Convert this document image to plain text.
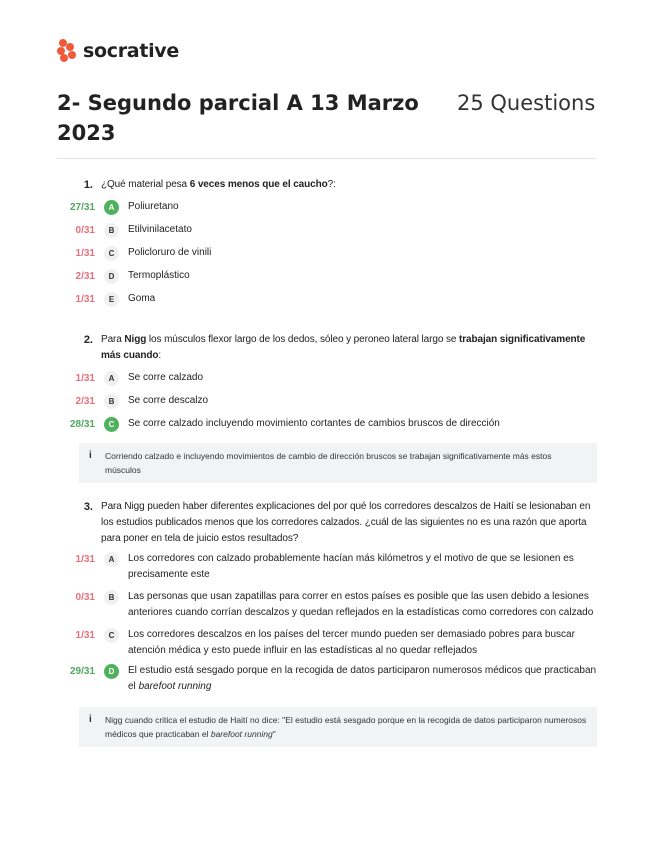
socrative
2- Segundo parcial A 13 Marzo 2023
25 Questions
1. ¿Qué material pesa 6 veces menos que el caucho?:
27/31	A	Poliuretano
0/31	B	Etilvinilacetato
1/31	C	Policloruro de vinili
2/31	D	Termoplástico
1/31	E	Goma
2. Para Nigg los músculos flexor largo de los dedos, sóleo y peroneo lateral largo se trabajan significativamente más cuando:
1/31	A	Se corre calzado
2/31	B	Se corre descalzo
28/31	C	Se corre calzado incluyendo movimiento cortantes de cambios bruscos de dirección
i	Corriendo calzado e incluyendo movimientos de cambio de dirección bruscos se trabajan significativamente más estos músculos
3. Para Nigg pueden haber diferentes explicaciones del por qué los corredores descalzos de Haití se lesionaban en los estudios publicados menos que los corredores calzados. ¿cuál de las siguientes no es una razón que aporta para poner en tela de juicio estos resultados?
1/31	A	Los corredores con calzado probablemente hacían más kilómetros y el motivo de que se lesionen es precisamente este
0/31	B	Las personas que usan zapatillas para correr en estos países es posible que las usen debido a lesiones anteriores cuando corrían descalzos y quedan reflejados en la estadísticas como corredores con calzado
1/31	C	Los corredores descalzos en los países del tercer mundo pueden ser demasiado pobres para buscar atención médica y esto puede influir en las estadísticas al no quedar reflejados
29/31	D	El estudio está sesgado porque en la recogida de datos participaron numerosos médicos que practicaban el barefoot running
i	Nigg cuando critica el estudio de Haití no dice: "El estudio está sesgado porque en la recogida de datos participaron numerosos médicos que practicaban el barefoot running"
